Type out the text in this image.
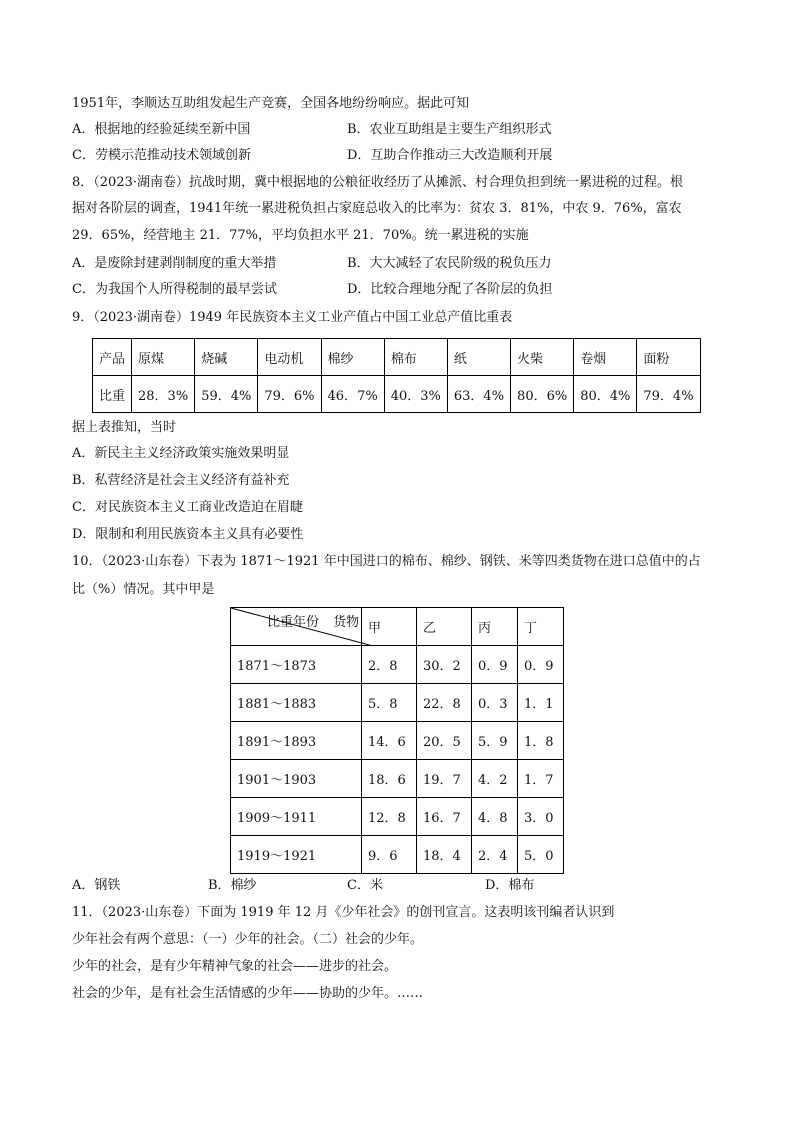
1951年，李顺达互助组发起生产竞赛，全国各地纷纷响应。据此可知
A．根据地的经验延续至新中国	B．农业互助组是主要生产组织形式
C．劳模示范推动技术领域创新	D．互助合作推动三大改造顺利开展
8．（2023·湖南卷）抗战时期，冀中根据地的公粮征收经历了从摊派、村合理负担到统一累进税的过程。根
据对各阶层的调查，1941年统一累进税负担占家庭总收入的比率为：贫农 3．81%，中农 9．76%，富农
29．65%，经营地主 21．77%，平均负担水平 21．70%。统一累进税的实施
A．是废除封建剥削制度的重大举措	B．大大减轻了农民阶级的税负压力
C．为我国个人所得税制的最早尝试	D．比较合理地分配了各阶层的负担
9．（2023·湖南卷）1949 年民族资本主义工业产值占中国工业总产值比重表
产品	原煤	烧碱	电动机	棉纱	棉布	纸	火柴	卷烟	面粉
比重	28．3%	59．4%	79．6%	46．7%	40．3%	63．4%	80．6%	80．4%	79．4%
据上表推知，当时
A．新民主主义经济政策实施效果明显
B．私营经济是社会主义经济有益补充
C．对民族资本主义工商业改造迫在眉睫
D．限制和利用民族资本主义具有必要性
10．（2023·山东卷）下表为 1871～1921 年中国进口的棉布、棉纱、钢铁、米等四类货物在进口总值中的占
比（%）情况。其中甲是
比重年份 货物	甲	乙	丙	丁
1871～1873	2．8	30．2	0．9	0．9
1881～1883	5．8	22．8	0．3	1．1
1891～1893	14．6	20．5	5．9	1．8
1901～1903	18．6	19．7	4．2	1．7
1909～1911	12．8	16．7	4．8	3．0
1919～1921	9．6	18．4	2．4	5．0
A．钢铁	B．棉纱	C．米	D．棉布
11．（2023·山东卷）下面为 1919 年 12 月《少年社会》的创刊宣言。这表明该刊编者认识到
少年社会有两个意思：（一）少年的社会。（二）社会的少年。
少年的社会，是有少年精神气象的社会——进步的社会。
社会的少年，是有社会生活情感的少年——协助的少年。……
